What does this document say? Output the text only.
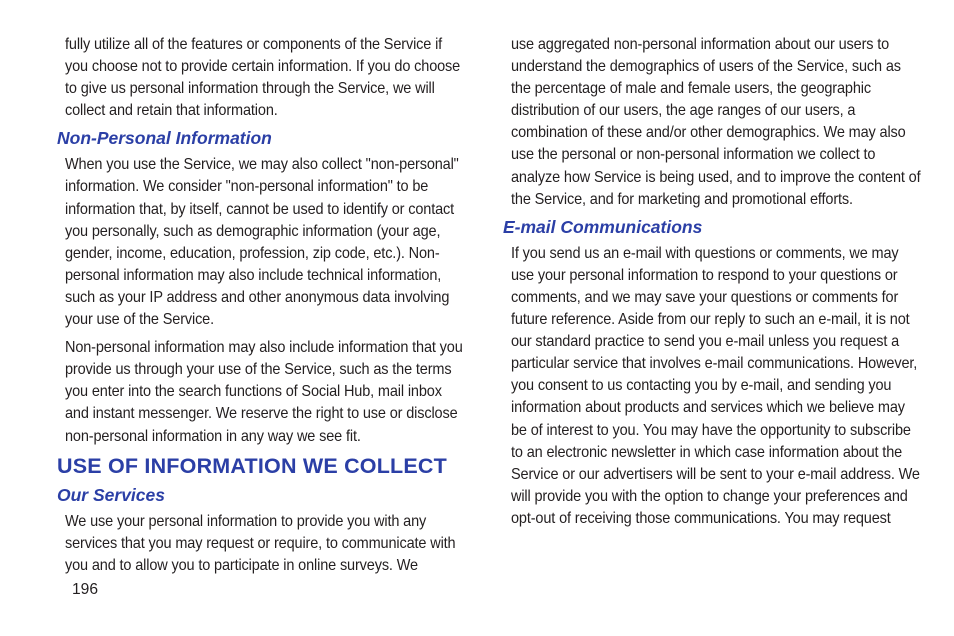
fully utilize all of the features or components of the Service if you choose not to provide certain information. If you do choose to give us personal information through the Service, we will collect and retain that information.

Non-Personal Information

When you use the Service, we may also collect "non-personal" information. We consider "non-personal information" to be information that, by itself, cannot be used to identify or contact you personally, such as demographic information (your age, gender, income, education, profession, zip code, etc.). Non-personal information may also include technical information, such as your IP address and other anonymous data involving your use of the Service.

Non-personal information may also include information that you provide us through your use of the Service, such as the terms you enter into the search functions of Social Hub, mail inbox and instant messenger. We reserve the right to use or disclose non-personal information in any way we see fit.

USE OF INFORMATION WE COLLECT
Our Services

We use your personal information to provide you with any services that you may request or require, to communicate with you and to allow you to participate in online surveys. We

use aggregated non-personal information about our users to understand the demographics of users of the Service, such as the percentage of male and female users, the geographic distribution of our users, the age ranges of our users, a combination of these and/or other demographics. We may also use the personal or non-personal information we collect to analyze how Service is being used, and to improve the content of the Service, and for marketing and promotional efforts.

E-mail Communications

If you send us an e-mail with questions or comments, we may use your personal information to respond to your questions or comments, and we may save your questions or comments for future reference. Aside from our reply to such an e-mail, it is not our standard practice to send you e-mail unless you request a particular service that involves e-mail communications. However, you consent to us contacting you by e-mail, and sending you information about products and services which we believe may be of interest to you. You may have the opportunity to subscribe to an electronic newsletter in which case information about the Service or our advertisers will be sent to your e-mail address. We will provide you with the option to change your preferences and opt-out of receiving those communications. You may request

196
